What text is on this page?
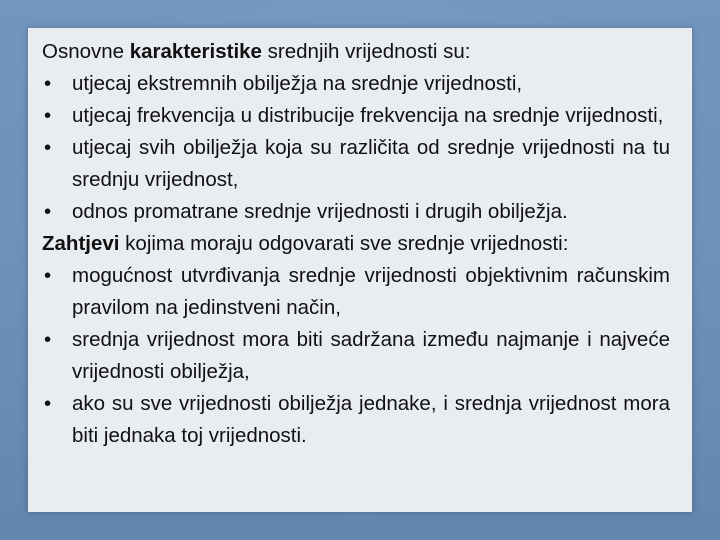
Osnovne karakteristike srednjih vrijednosti su:

•	utjecaj ekstremnih obilježja na srednje vrijednosti,
•	utjecaj frekvencija u distribucije frekvencija na srednje vrijednosti,
•	utjecaj svih obilježja koja su različita od srednje vrijednosti na tu srednju vrijednost,
•	odnos promatrane srednje vrijednosti i drugih obilježja.

Zahtjevi kojima moraju odgovarati sve srednje vrijednosti:

•	mogućnost utvrđivanja srednje vrijednosti objektivnim računskim pravilom na jedinstveni način,
•	srednja vrijednost mora biti sadržana između najmanje i najveće vrijednosti obilježja,
•	ako su sve vrijednosti obilježja jednake, i srednja vrijednost mora biti jednaka toj vrijednosti.
